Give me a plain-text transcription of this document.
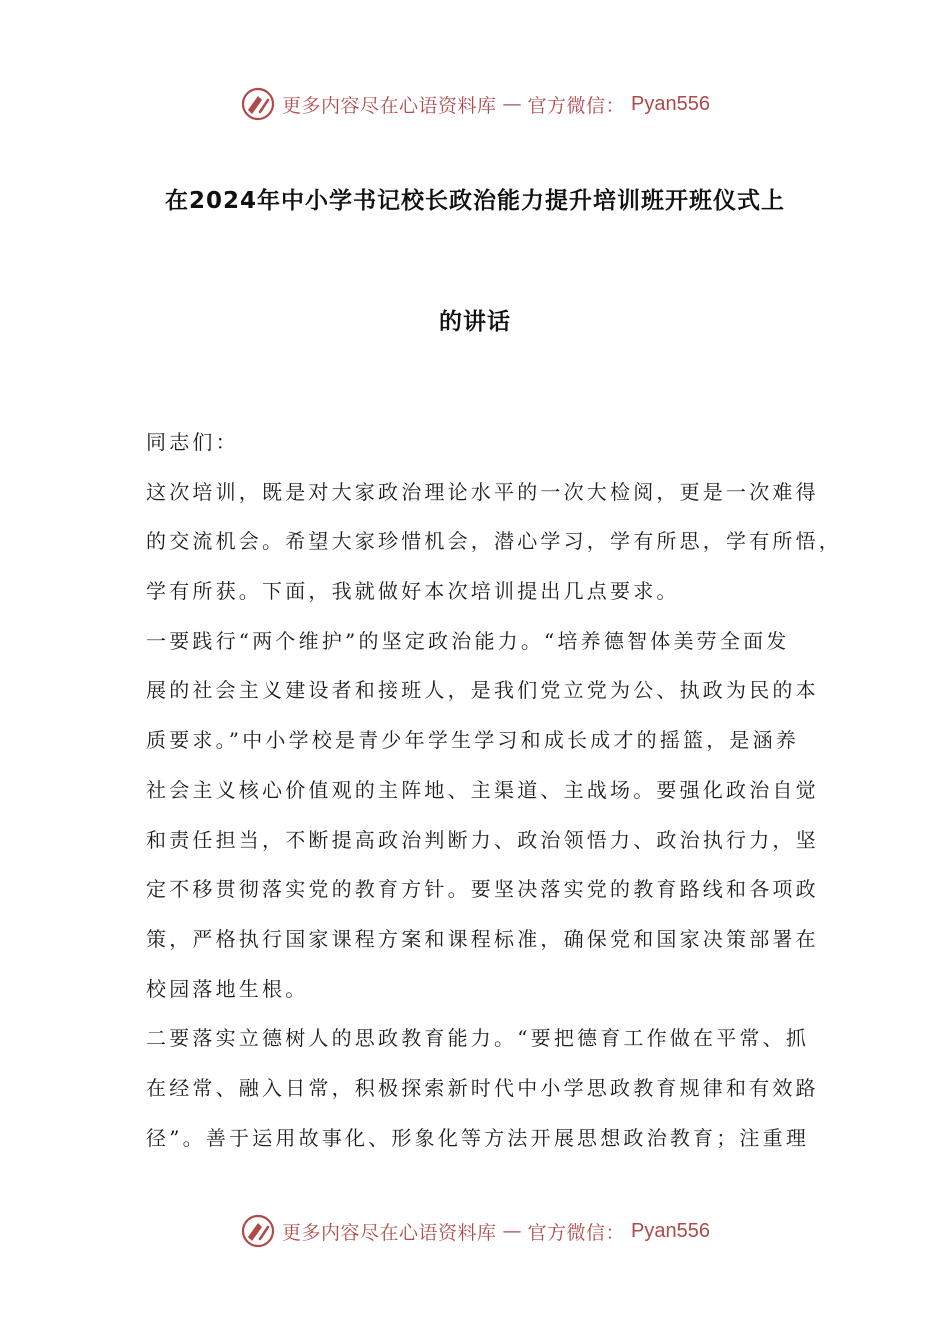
更多内容尽在心语资料库 — 官方微信： Pyan556
在2024年中小学书记校长政治能力提升培训班开班仪式上
的讲话
同志们：
这次培训，既是对大家政治理论水平的一次大检阅，更是一次难得
的交流机会。希望大家珍惜机会，潜心学习，学有所思，学有所悟，
学有所获。下面，我就做好本次培训提出几点要求。
一要践行“两个维护”的坚定政治能力。“培养德智体美劳全面发
展的社会主义建设者和接班人，是我们党立党为公、执政为民的本
质要求。”中小学校是青少年学生学习和成长成才的摇篮，是涵养
社会主义核心价值观的主阵地、主渠道、主战场。要强化政治自觉
和责任担当，不断提高政治判断力、政治领悟力、政治执行力，坚
定不移贯彻落实党的教育方针。要坚决落实党的教育路线和各项政
策，严格执行国家课程方案和课程标准，确保党和国家决策部署在
校园落地生根。
二要落实立德树人的思政教育能力。“要把德育工作做在平常、抓
在经常、融入日常，积极探索新时代中小学思政教育规律和有效路
径”。善于运用故事化、形象化等方法开展思想政治教育；注重理
更多内容尽在心语资料库 — 官方微信： Pyan556
